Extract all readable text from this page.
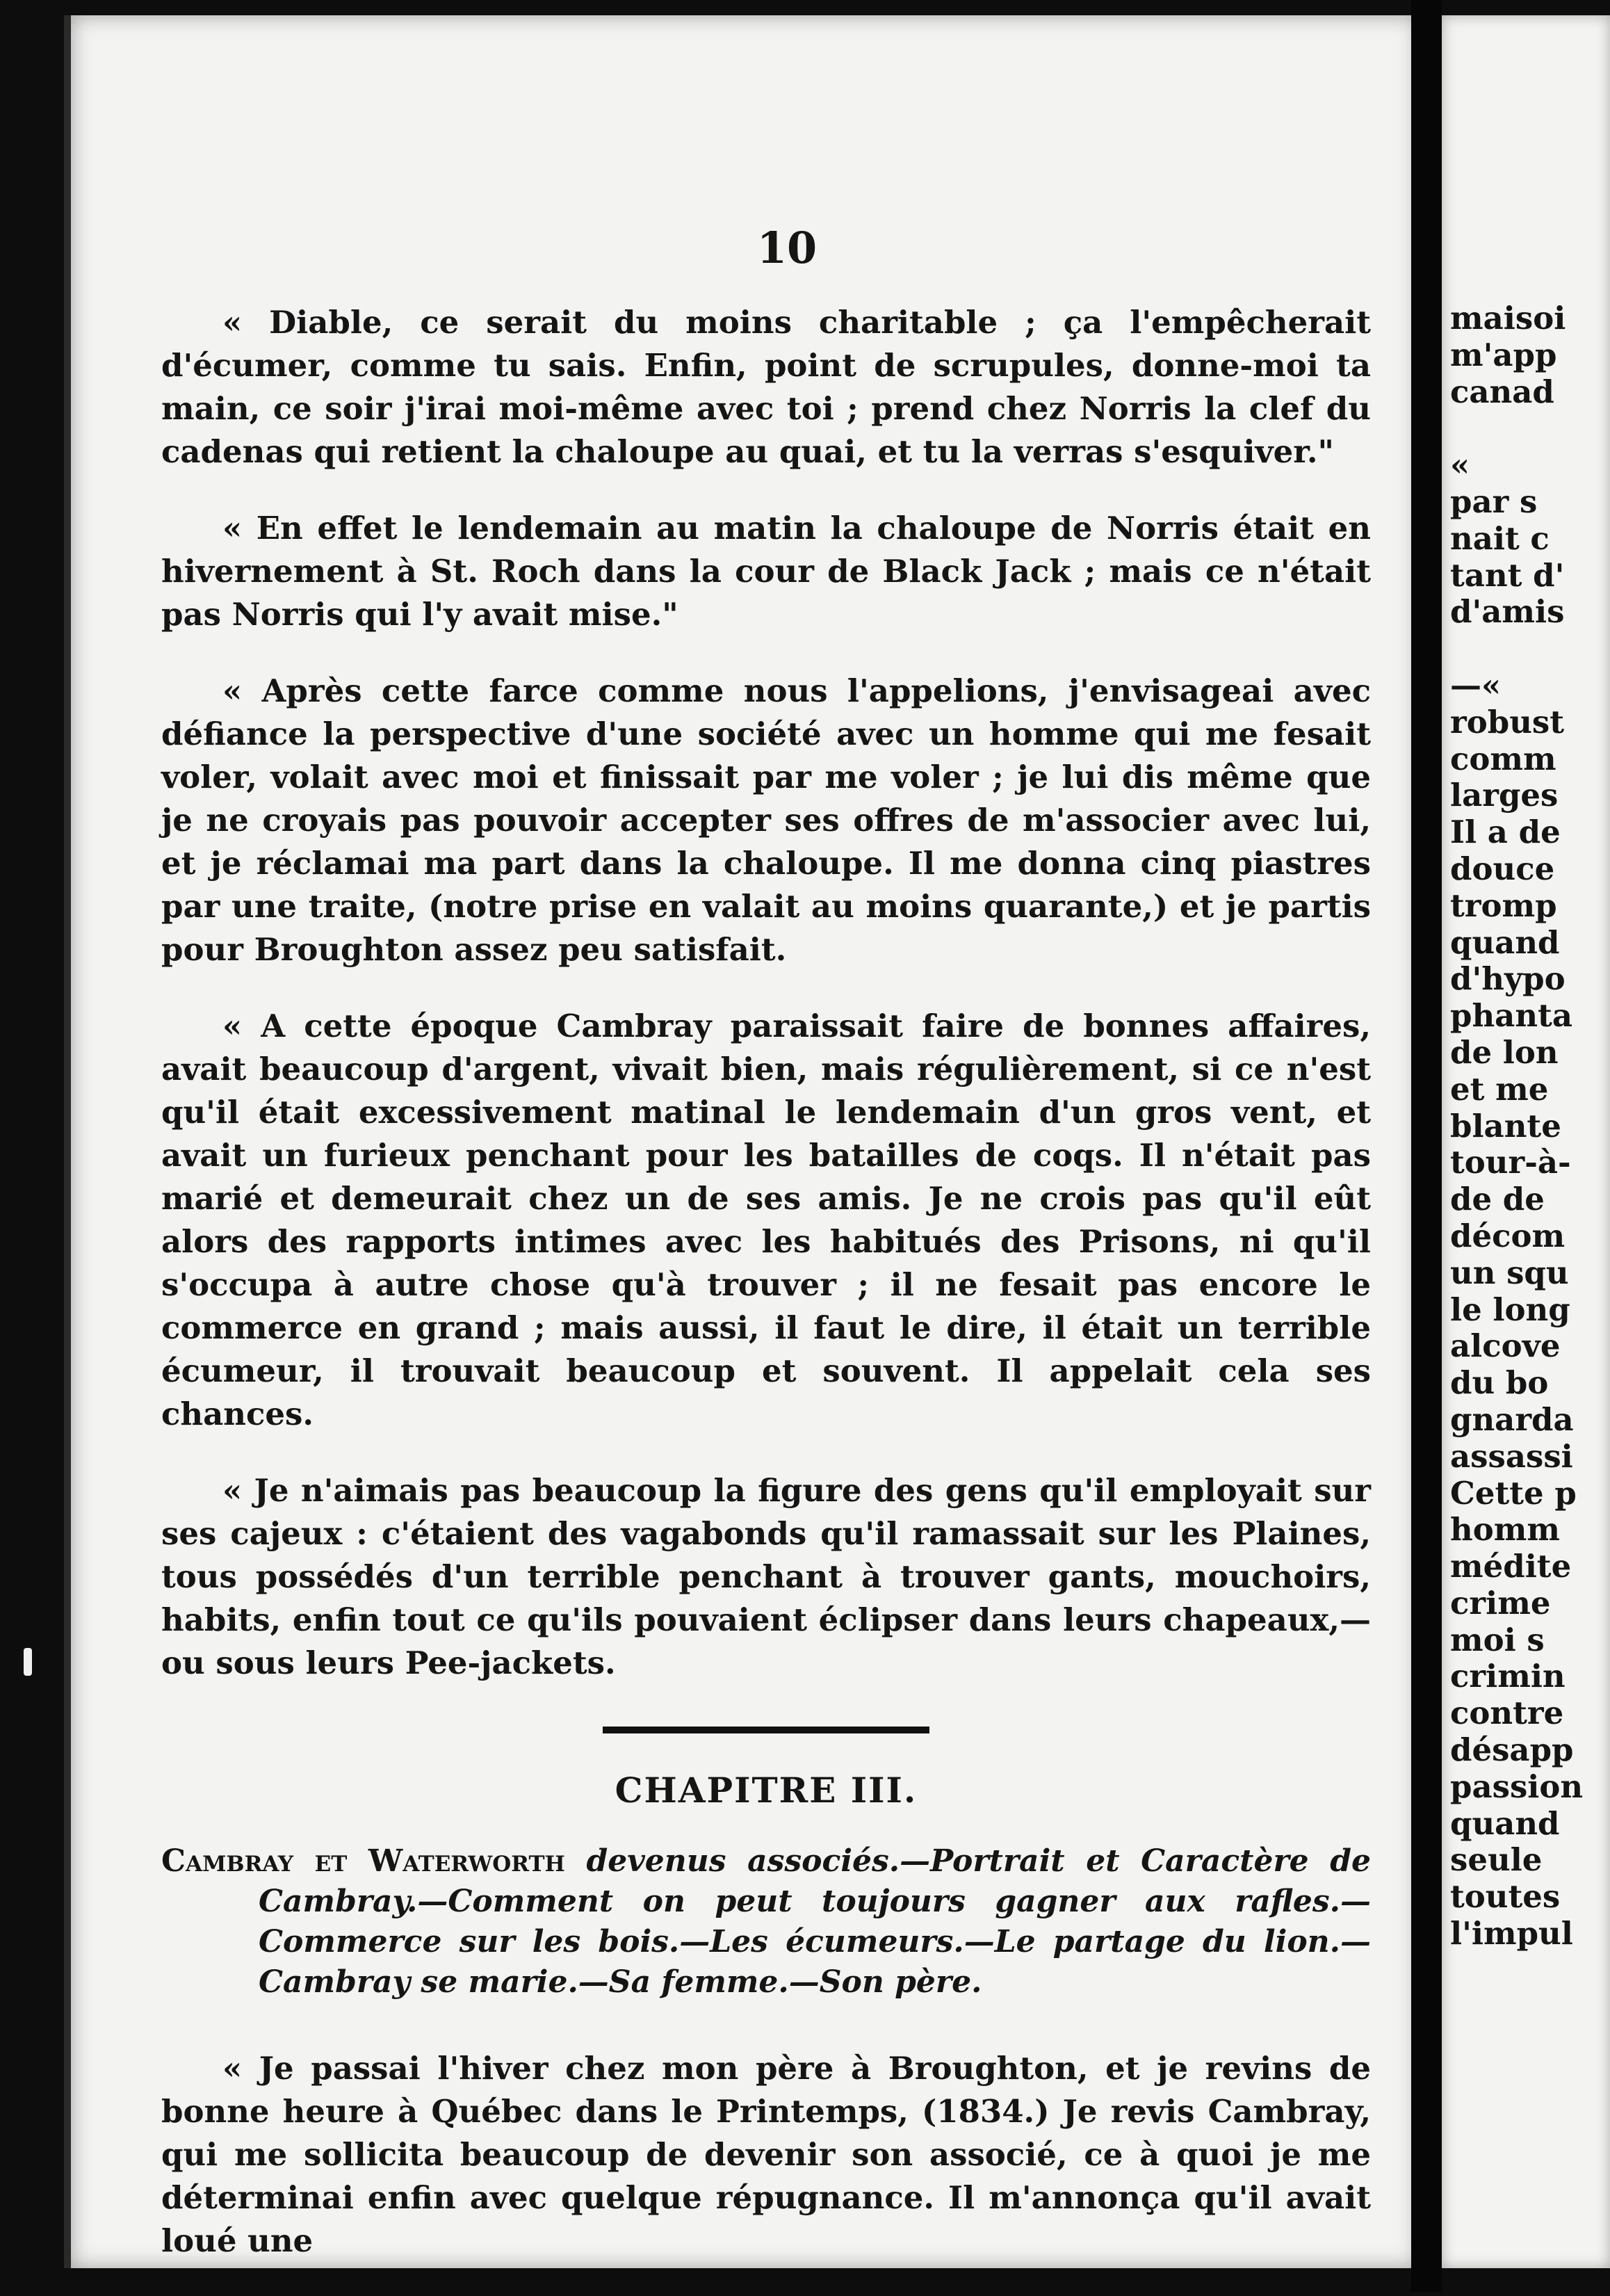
10

« Diable, ce serait du moins charitable ; ça l'empêcherait d'écumer, comme tu sais. Enfin, point de scrupules, donne-moi ta main, ce soir j'irai moi-même avec toi ; prend chez Norris la clef du cadenas qui retient la chaloupe au quai, et tu la verras s'esquiver."

« En effet le lendemain au matin la chaloupe de Norris était en hivernement à St. Roch dans la cour de Black Jack ; mais ce n'était pas Norris qui l'y avait mise."

« Après cette farce comme nous l'appelions, j'envisageai avec défiance la perspective d'une société avec un homme qui me fesait voler, volait avec moi et finissait par me voler ; je lui dis même que je ne croyais pas pouvoir accepter ses offres de m'associer avec lui, et je réclamai ma part dans la chaloupe. Il me donna cinq piastres par une traite, (notre prise en valait au moins quarante,) et je partis pour Broughton assez peu satisfait.

« A cette époque Cambray paraissait faire de bonnes affaires, avait beaucoup d'argent, vivait bien, mais régulièrement, si ce n'est qu'il était excessivement matinal le lendemain d'un gros vent, et avait un furieux penchant pour les batailles de coqs. Il n'était pas marié et demeurait chez un de ses amis. Je ne crois pas qu'il eût alors des rapports intimes avec les habitués des Prisons, ni qu'il s'occupa à autre chose qu'à trouver ; il ne fesait pas encore le commerce en grand ; mais aussi, il faut le dire, il était un terrible écumeur, il trouvait beaucoup et souvent. Il appelait cela ses chances.

« Je n'aimais pas beaucoup la figure des gens qu'il employait sur ses cajeux : c'étaient des vagabonds qu'il ramassait sur les Plaines, tous possédés d'un terrible penchant à trouver gants, mouchoirs, habits, enfin tout ce qu'ils pouvaient éclipser dans leurs chapeaux,—ou sous leurs Pee-jackets.

CHAPITRE III.

Cambray et Waterworth devenus associés.—Portrait et Caractère de Cambray.—Comment on peut toujours gagner aux rafles.—Commerce sur les bois.—Les écumeurs.—Le partage du lion.—Cambray se marie.—Sa femme.—Son père.

« Je passai l'hiver chez mon père à Broughton, et je revins de bonne heure à Québec dans le Printemps, (1834.) Je revis Cambray, qui me sollicita beaucoup de devenir son associé, ce à quoi je me déterminai enfin avec quelque répugnance. Il m'annonça qu'il avait loué une

maisoi
m'app
canad

«
par s
nait c
tant d'
d'amis

—«
robust
comm
larges
Il a de
douce
tromp
quand
d'hypo
phanta
de lon
et me
blante
tour-à-
de de
décom
un squ
le long
alcove
du bo
gnarda
assassi
Cette p
homm
médite
crime
moi s
crimin
contre
désapp
passion
quand
seule
toutes
l'impul
